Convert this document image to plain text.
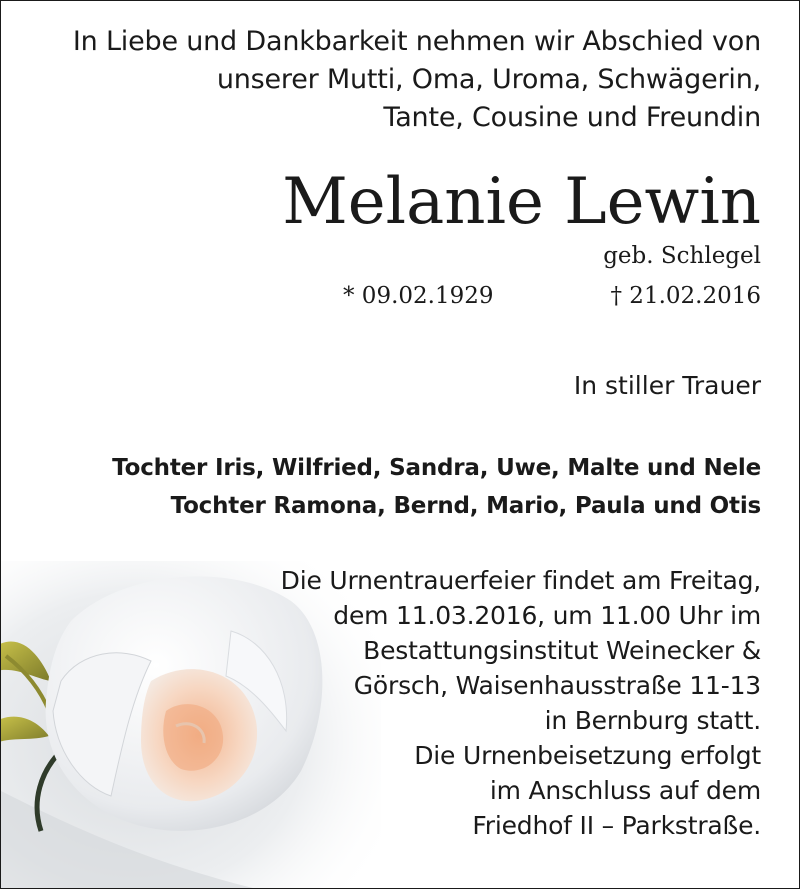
In Liebe und Dankbarkeit nehmen wir Abschied von
unserer Mutti, Oma, Uroma, Schwägerin,
Tante, Cousine und Freundin
Melanie Lewin
geb. Schlegel
* 09.02.1929	† 21.02.2016
In stiller Trauer
Tochter Iris, Wilfried, Sandra, Uwe, Malte und Nele
Tochter Ramona, Bernd, Mario, Paula und Otis
Die Urnentrauerfeier findet am Freitag,
dem 11.03.2016, um 11.00 Uhr im
Bestattungsinstitut Weinecker &
Görsch, Waisenhausstraße 11-13
in Bernburg statt.
Die Urnenbeisetzung erfolgt
im Anschluss auf dem
Friedhof II – Parkstraße.
